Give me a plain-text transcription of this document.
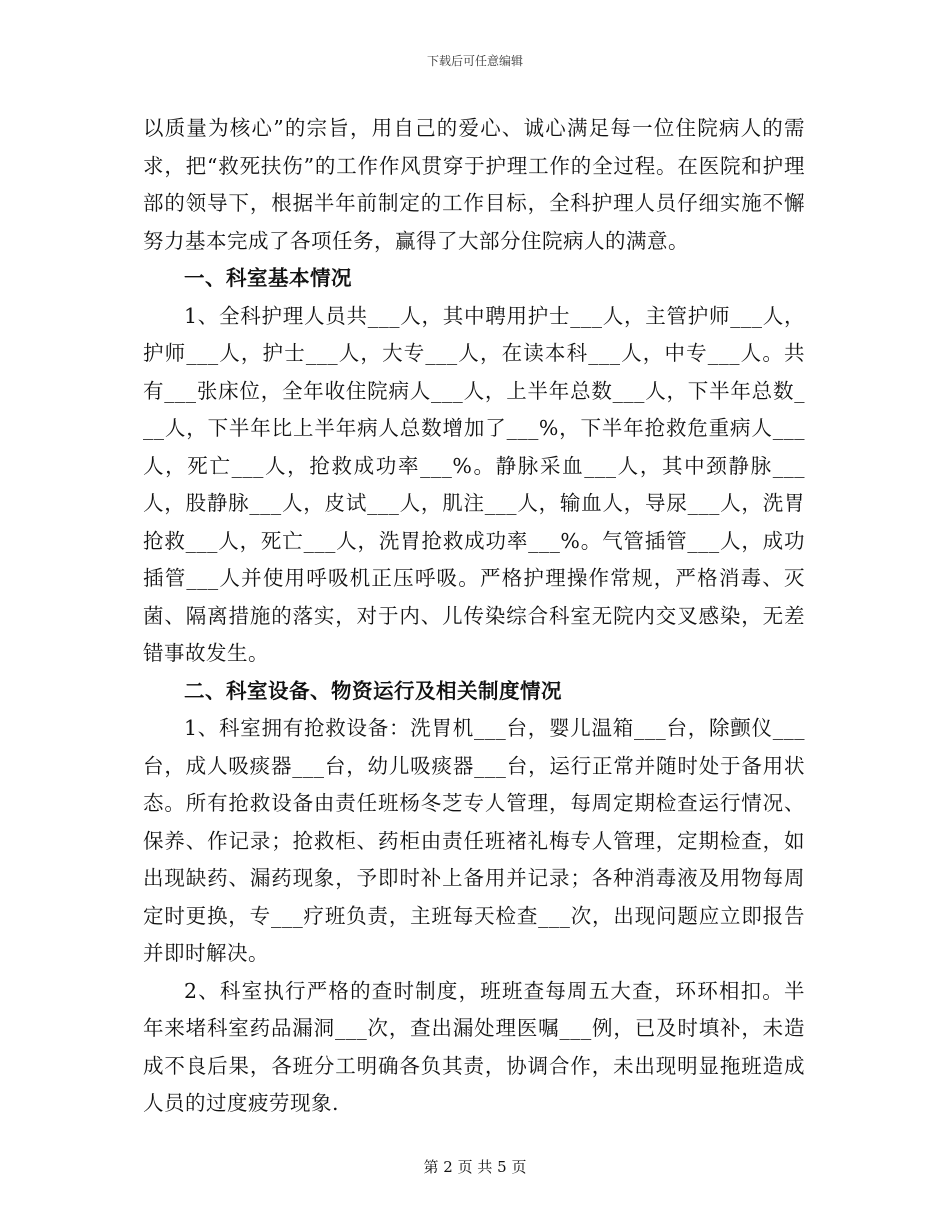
下载后可任意编辑

以质量为核心”的宗旨，用自己的爱心、诚心满足每一位住院病人的需求，把“救死扶伤”的工作作风贯穿于护理工作的全过程。在医院和护理部的领导下，根据半年前制定的工作目标，全科护理人员仔细实施不懈努力基本完成了各项任务，赢得了大部分住院病人的满意。

一、科室基本情况

1、全科护理人员共___人，其中聘用护士___人，主管护师___人，护师___人，护士___人，大专___人，在读本科___人，中专___人。共有___张床位，全年收住院病人___人，上半年总数___人，下半年总数___人，下半年比上半年病人总数增加了___%，下半年抢救危重病人___人，死亡___人，抢救成功率___%。静脉采血___人，其中颈静脉___人，股静脉___人，皮试___人，肌注___人，输血人，导尿___人，洗胃抢救___人，死亡___人，洗胃抢救成功率___%。气管插管___人，成功插管___人并使用呼吸机正压呼吸。严格护理操作常规，严格消毒、灭菌、隔离措施的落实，对于内、儿传染综合科室无院内交叉感染，无差错事故发生。

二、科室设备、物资运行及相关制度情况

1、科室拥有抢救设备：洗胃机___台，婴儿温箱___台，除颤仪___台，成人吸痰器___台，幼儿吸痰器___台，运行正常并随时处于备用状态。所有抢救设备由责任班杨冬芝专人管理，每周定期检查运行情况、保养、作记录；抢救柜、药柜由责任班褚礼梅专人管理，定期检查，如出现缺药、漏药现象，予即时补上备用并记录；各种消毒液及用物每周定时更换，专___疗班负责，主班每天检查___次，出现问题应立即报告并即时解决。

2、科室执行严格的查时制度，班班查每周五大查，环环相扣。半年来堵科室药品漏洞___次，查出漏处理医嘱___例，已及时填补，未造成不良后果，各班分工明确各负其责，协调合作，未出现明显拖班造成人员的过度疲劳现象.

第 2 页 共 5 页
